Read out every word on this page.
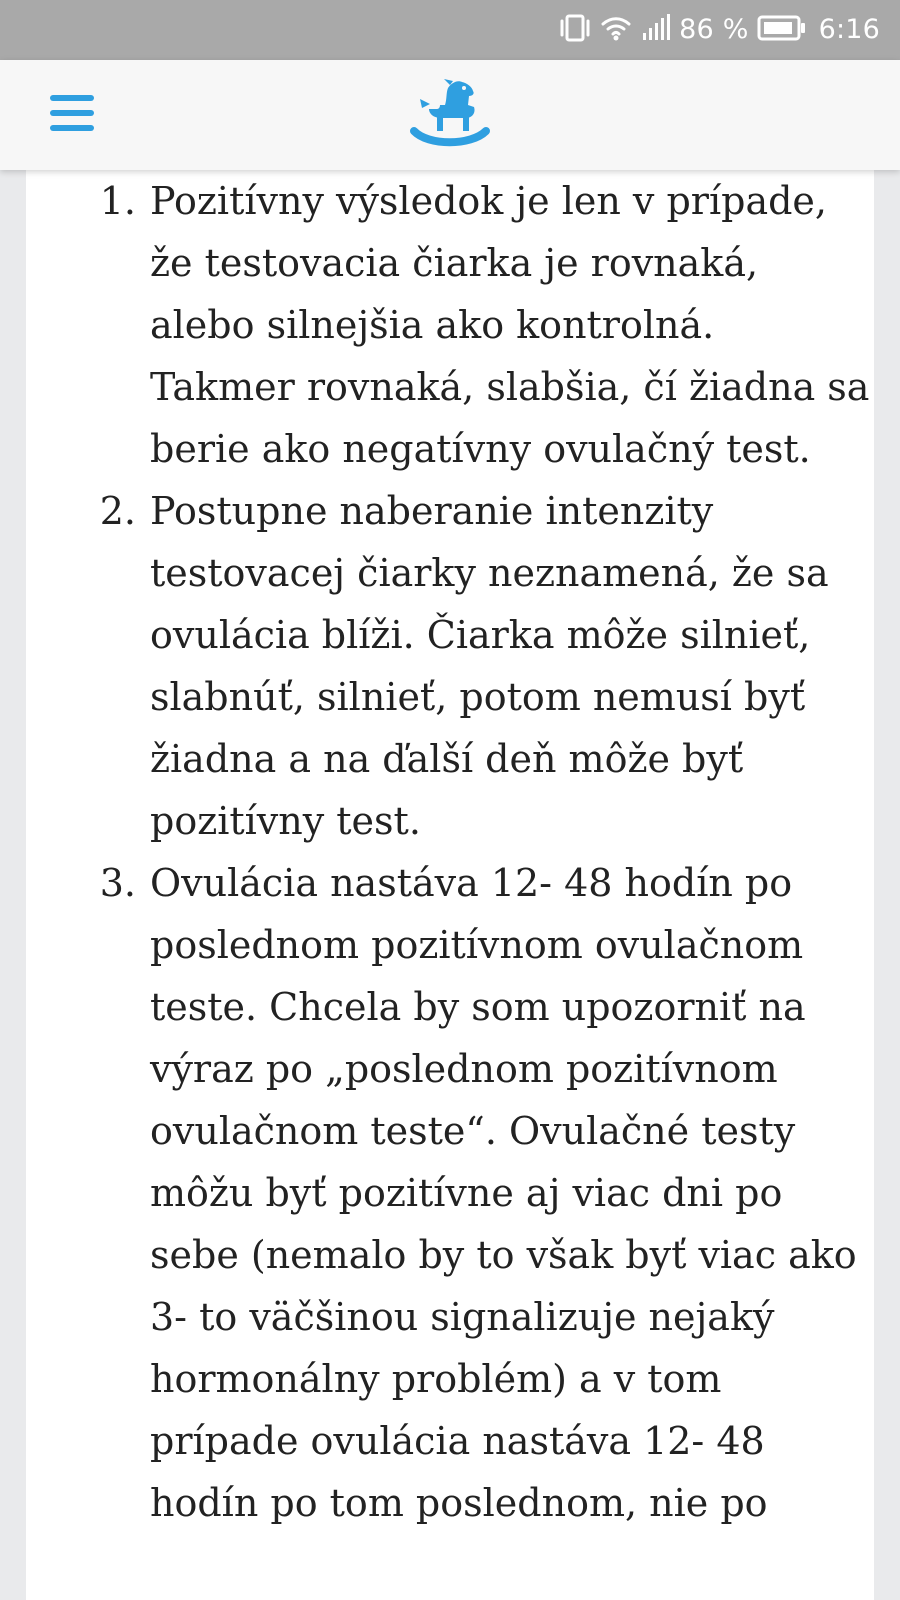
86 %	6:16
1. Pozitívny výsledok je len v prípade, že testovacia čiarka je rovnaká, alebo silnejšia ako kontrolná. Takmer rovnaká, slabšia, čí žiadna sa berie ako negatívny ovulačný test.
2. Postupne naberanie intenzity testovacej čiarky neznamená, že sa ovulácia blíži. Čiarka môže silnieť, slabnúť, silnieť, potom nemusí byť žiadna a na ďalší deň môže byť pozitívny test.
3. Ovulácia nastáva 12- 48 hodín po poslednom pozitívnom ovulačnom teste. Chcela by som upozorniť na výraz po „poslednom pozitívnom ovulačnom teste“. Ovulačné testy môžu byť pozitívne aj viac dni po sebe (nemalo by to však byť viac ako 3- to väčšinou signalizuje nejaký hormonálny problém) a v tom prípade ovulácia nastáva 12- 48 hodín po tom poslednom, nie po
